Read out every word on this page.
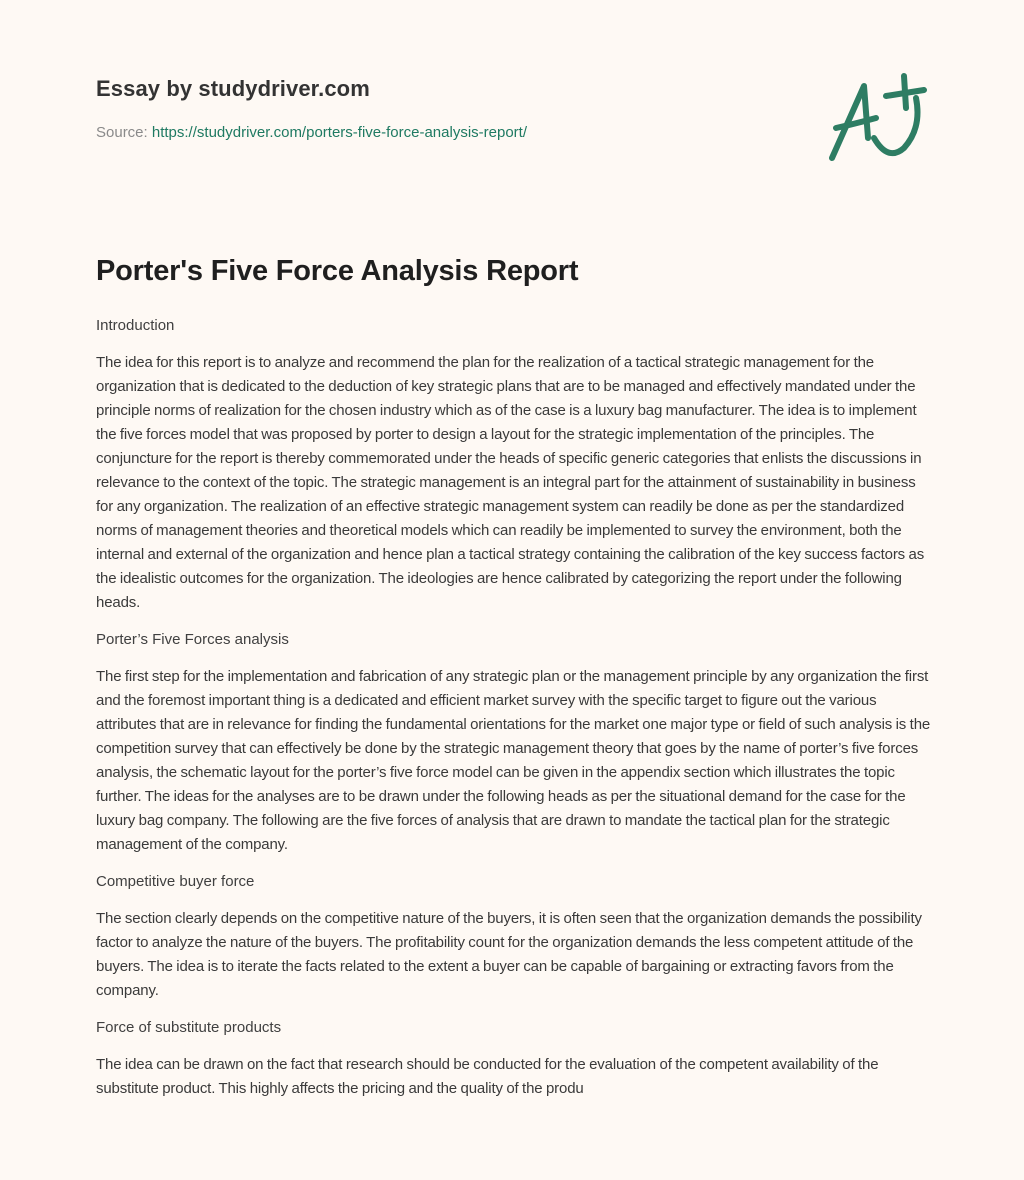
Essay by studydriver.com
Source: https://studydriver.com/porters-five-force-analysis-report/
Porter's Five Force Analysis Report

Introduction

The idea for this report is to analyze and recommend the plan for the realization of a tactical strategic management for the organization that is dedicated to the deduction of key strategic plans that are to be managed and effectively mandated under the principle norms of realization for the chosen industry which as of the case is a luxury bag manufacturer. The idea is to implement the five forces model that was proposed by porter to design a layout for the strategic implementation of the principles. The conjuncture for the report is thereby commemorated under the heads of specific generic categories that enlists the discussions in relevance to the context of the topic. The strategic management is an integral part for the attainment of sustainability in business for any organization. The realization of an effective strategic management system can readily be done as per the standardized norms of management theories and theoretical models which can readily be implemented to survey the environment, both the internal and external of the organization and hence plan a tactical strategy containing the calibration of the key success factors as the idealistic outcomes for the organization. The ideologies are hence calibrated by categorizing the report under the following heads.

Porter’s Five Forces analysis

The first step for the implementation and fabrication of any strategic plan or the management principle by any organization the first and the foremost important thing is a dedicated and efficient market survey with the specific target to figure out the various attributes that are in relevance for finding the fundamental orientations for the market one major type or field of such analysis is the competition survey that can effectively be done by the strategic management theory that goes by the name of porter’s five forces analysis, the schematic layout for the porter’s five force model can be given in the appendix section which illustrates the topic further. The ideas for the analyses are to be drawn under the following heads as per the situational demand for the case for the luxury bag company. The following are the five forces of analysis that are drawn to mandate the tactical plan for the strategic management of the company.

Competitive buyer force

The section clearly depends on the competitive nature of the buyers, it is often seen that the organization demands the possibility factor to analyze the nature of the buyers. The profitability count for the organization demands the less competent attitude of the buyers. The idea is to iterate the facts related to the extent a buyer can be capable of bargaining or extracting favors from the company.

Force of substitute products

The idea can be drawn on the fact that research should be conducted for the evaluation of the competent availability of the substitute product. This highly affects the pricing and the quality of the produ
